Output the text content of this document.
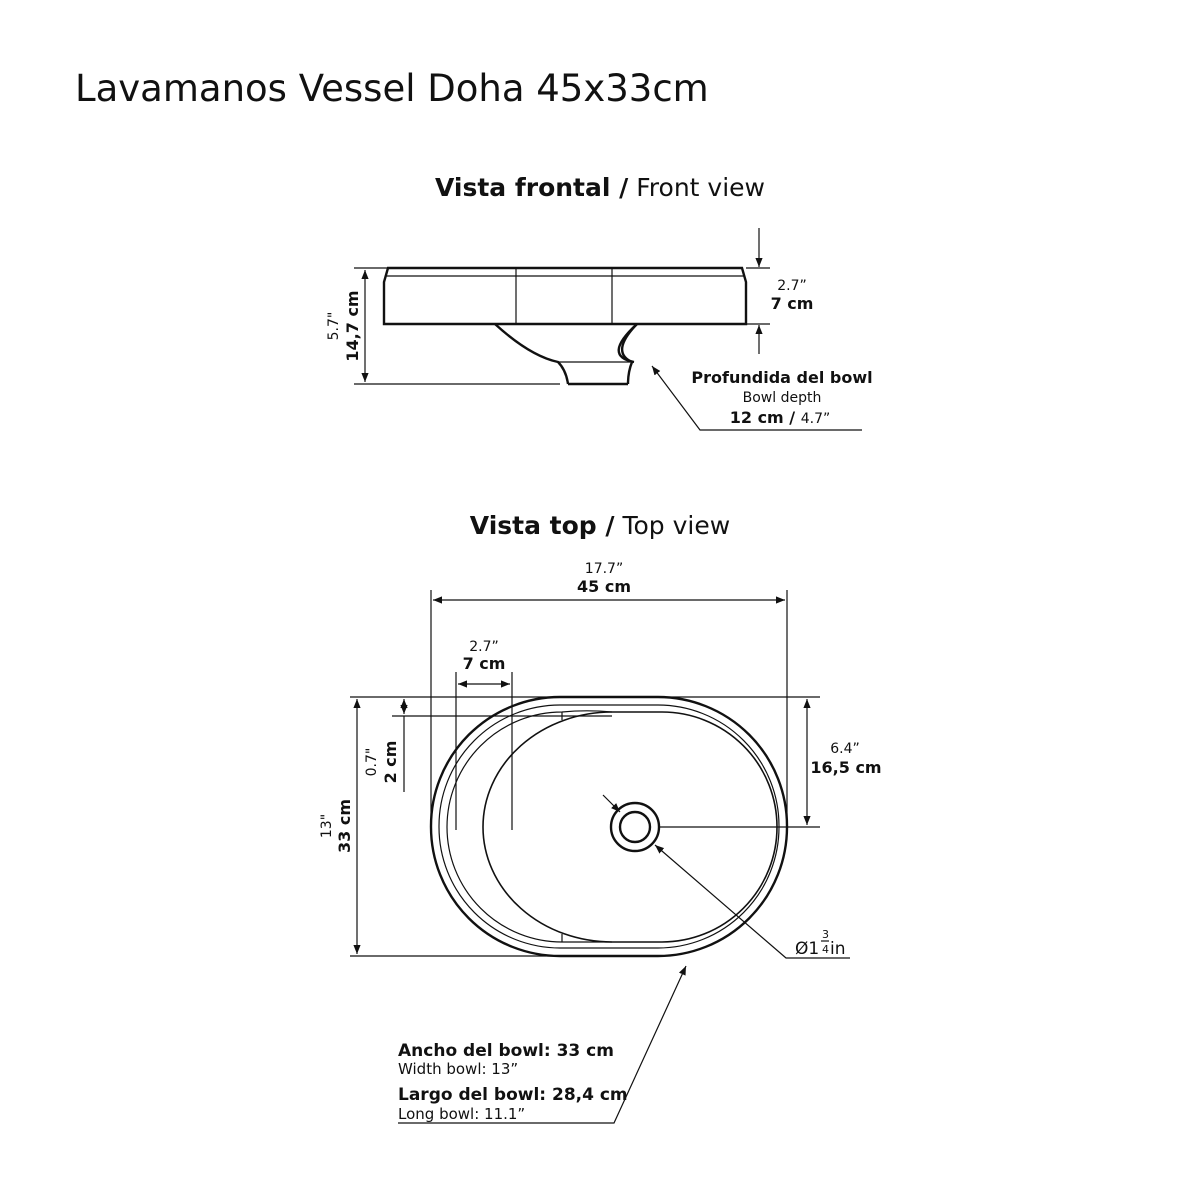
Lavamanos Vessel Doha 45x33cm
Vista frontal / Front view
5.7" 14,7 cm
2.7”
7 cm
Profundida del bowl
Bowl depth
12 cm / 4.7”
Vista top / Top view
17.7”
45 cm
2.7”
7 cm
0.7" 2 cm	6.4”
16,5 cm
13" 33 cm
Ø1
3
4 in
Ancho del bowl: 33 cm
Width bowl: 13”
Largo del bowl: 28,4 cm
Long bowl: 11.1”
